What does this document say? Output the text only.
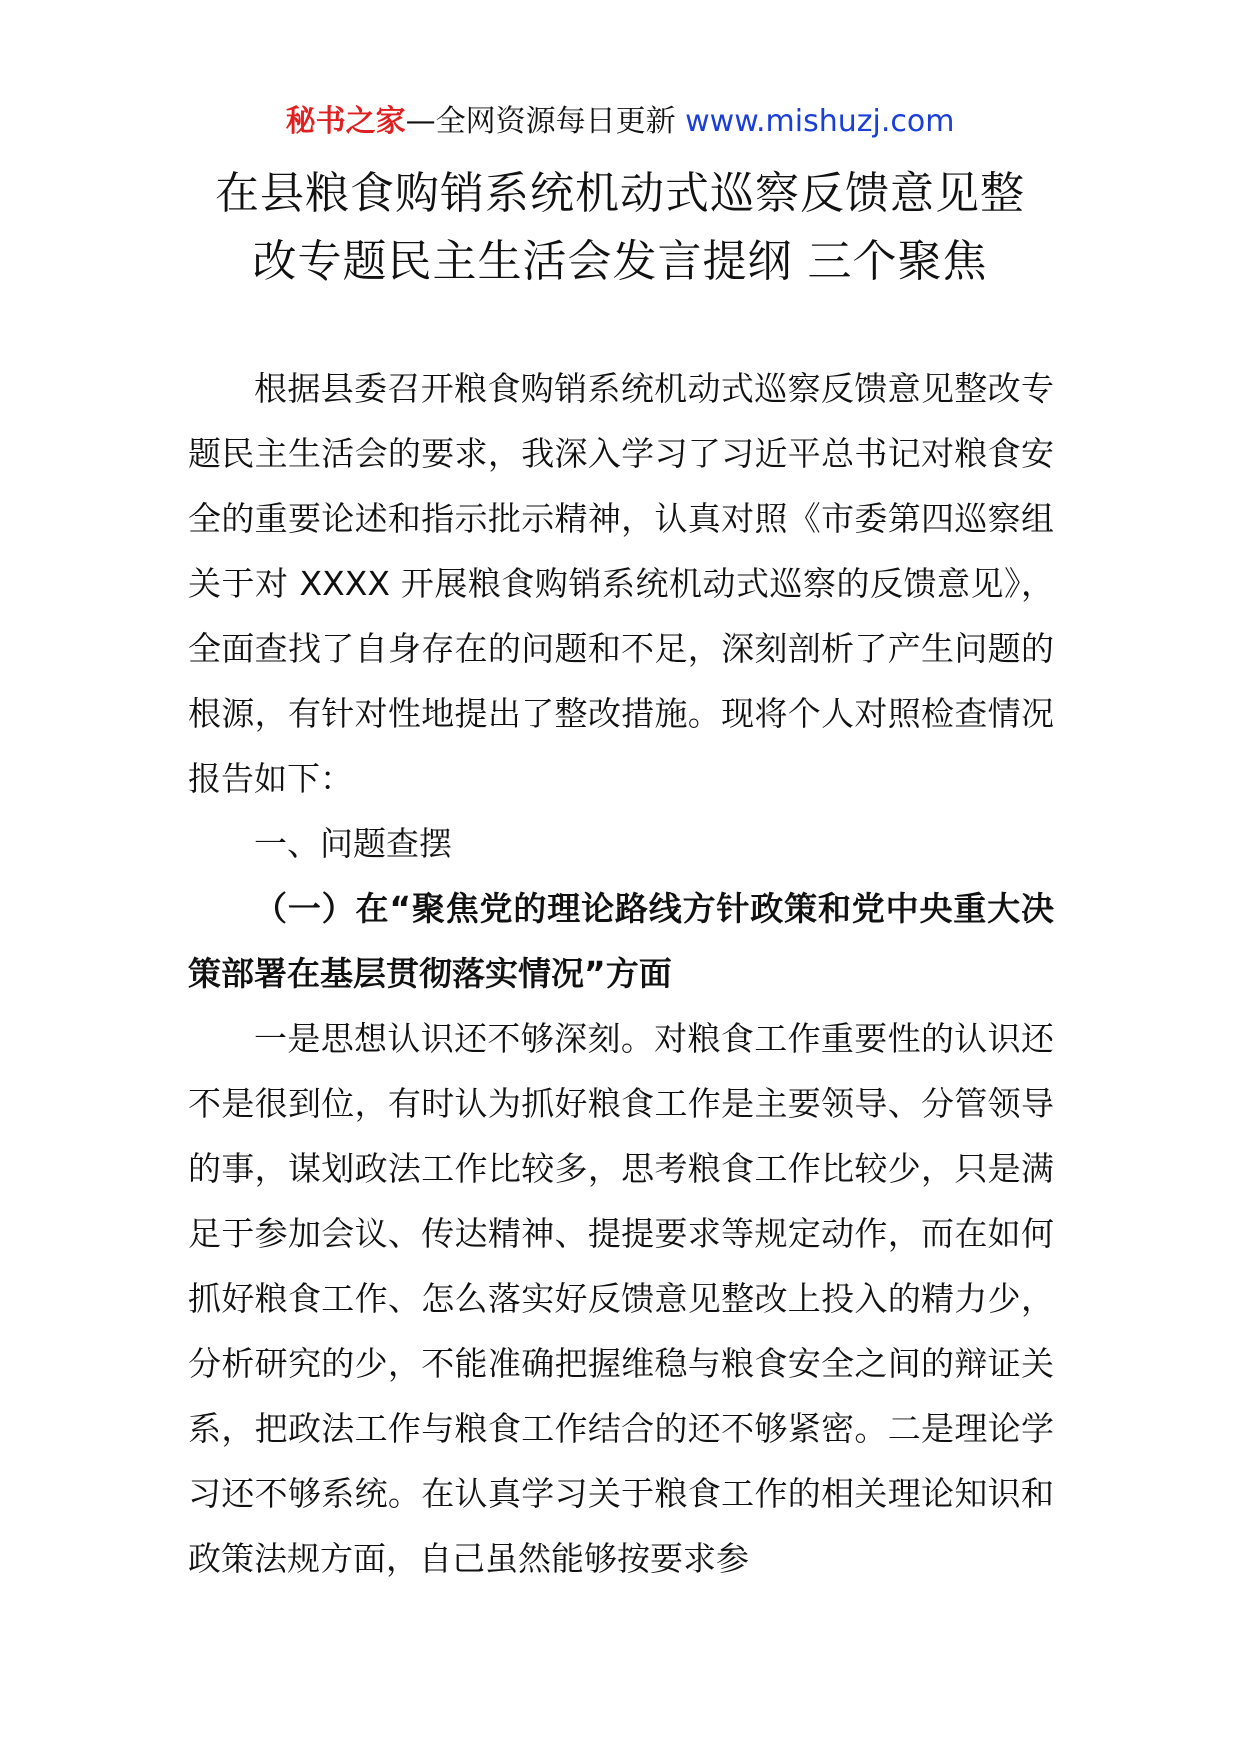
秘书之家—全网资源每日更新 www.mishuzj.com
在县粮食购销系统机动式巡察反馈意见整
改专题民主生活会发言提纲 三个聚焦

根据县委召开粮食购销系统机动式巡察反馈意见整改专题民主生活会的要求，我深入学习了习近平总书记对粮食安全的重要论述和指示批示精神，认真对照《市委第四巡察组关于对 XXXX 开展粮食购销系统机动式巡察的反馈意见》，全面查找了自身存在的问题和不足，深刻剖析了产生问题的根源，有针对性地提出了整改措施。现将个人对照检查情况报告如下：

一、问题查摆

（一）在“聚焦党的理论路线方针政策和党中央重大决策部署在基层贯彻落实情况”方面

一是思想认识还不够深刻。对粮食工作重要性的认识还不是很到位，有时认为抓好粮食工作是主要领导、分管领导的事，谋划政法工作比较多，思考粮食工作比较少，只是满足于参加会议、传达精神、提提要求等规定动作，而在如何抓好粮食工作、怎么落实好反馈意见整改上投入的精力少，分析研究的少，不能准确把握维稳与粮食安全之间的辩证关系，把政法工作与粮食工作结合的还不够紧密。二是理论学习还不够系统。在认真学习关于粮食工作的相关理论知识和政策法规方面，自己虽然能够按要求参
